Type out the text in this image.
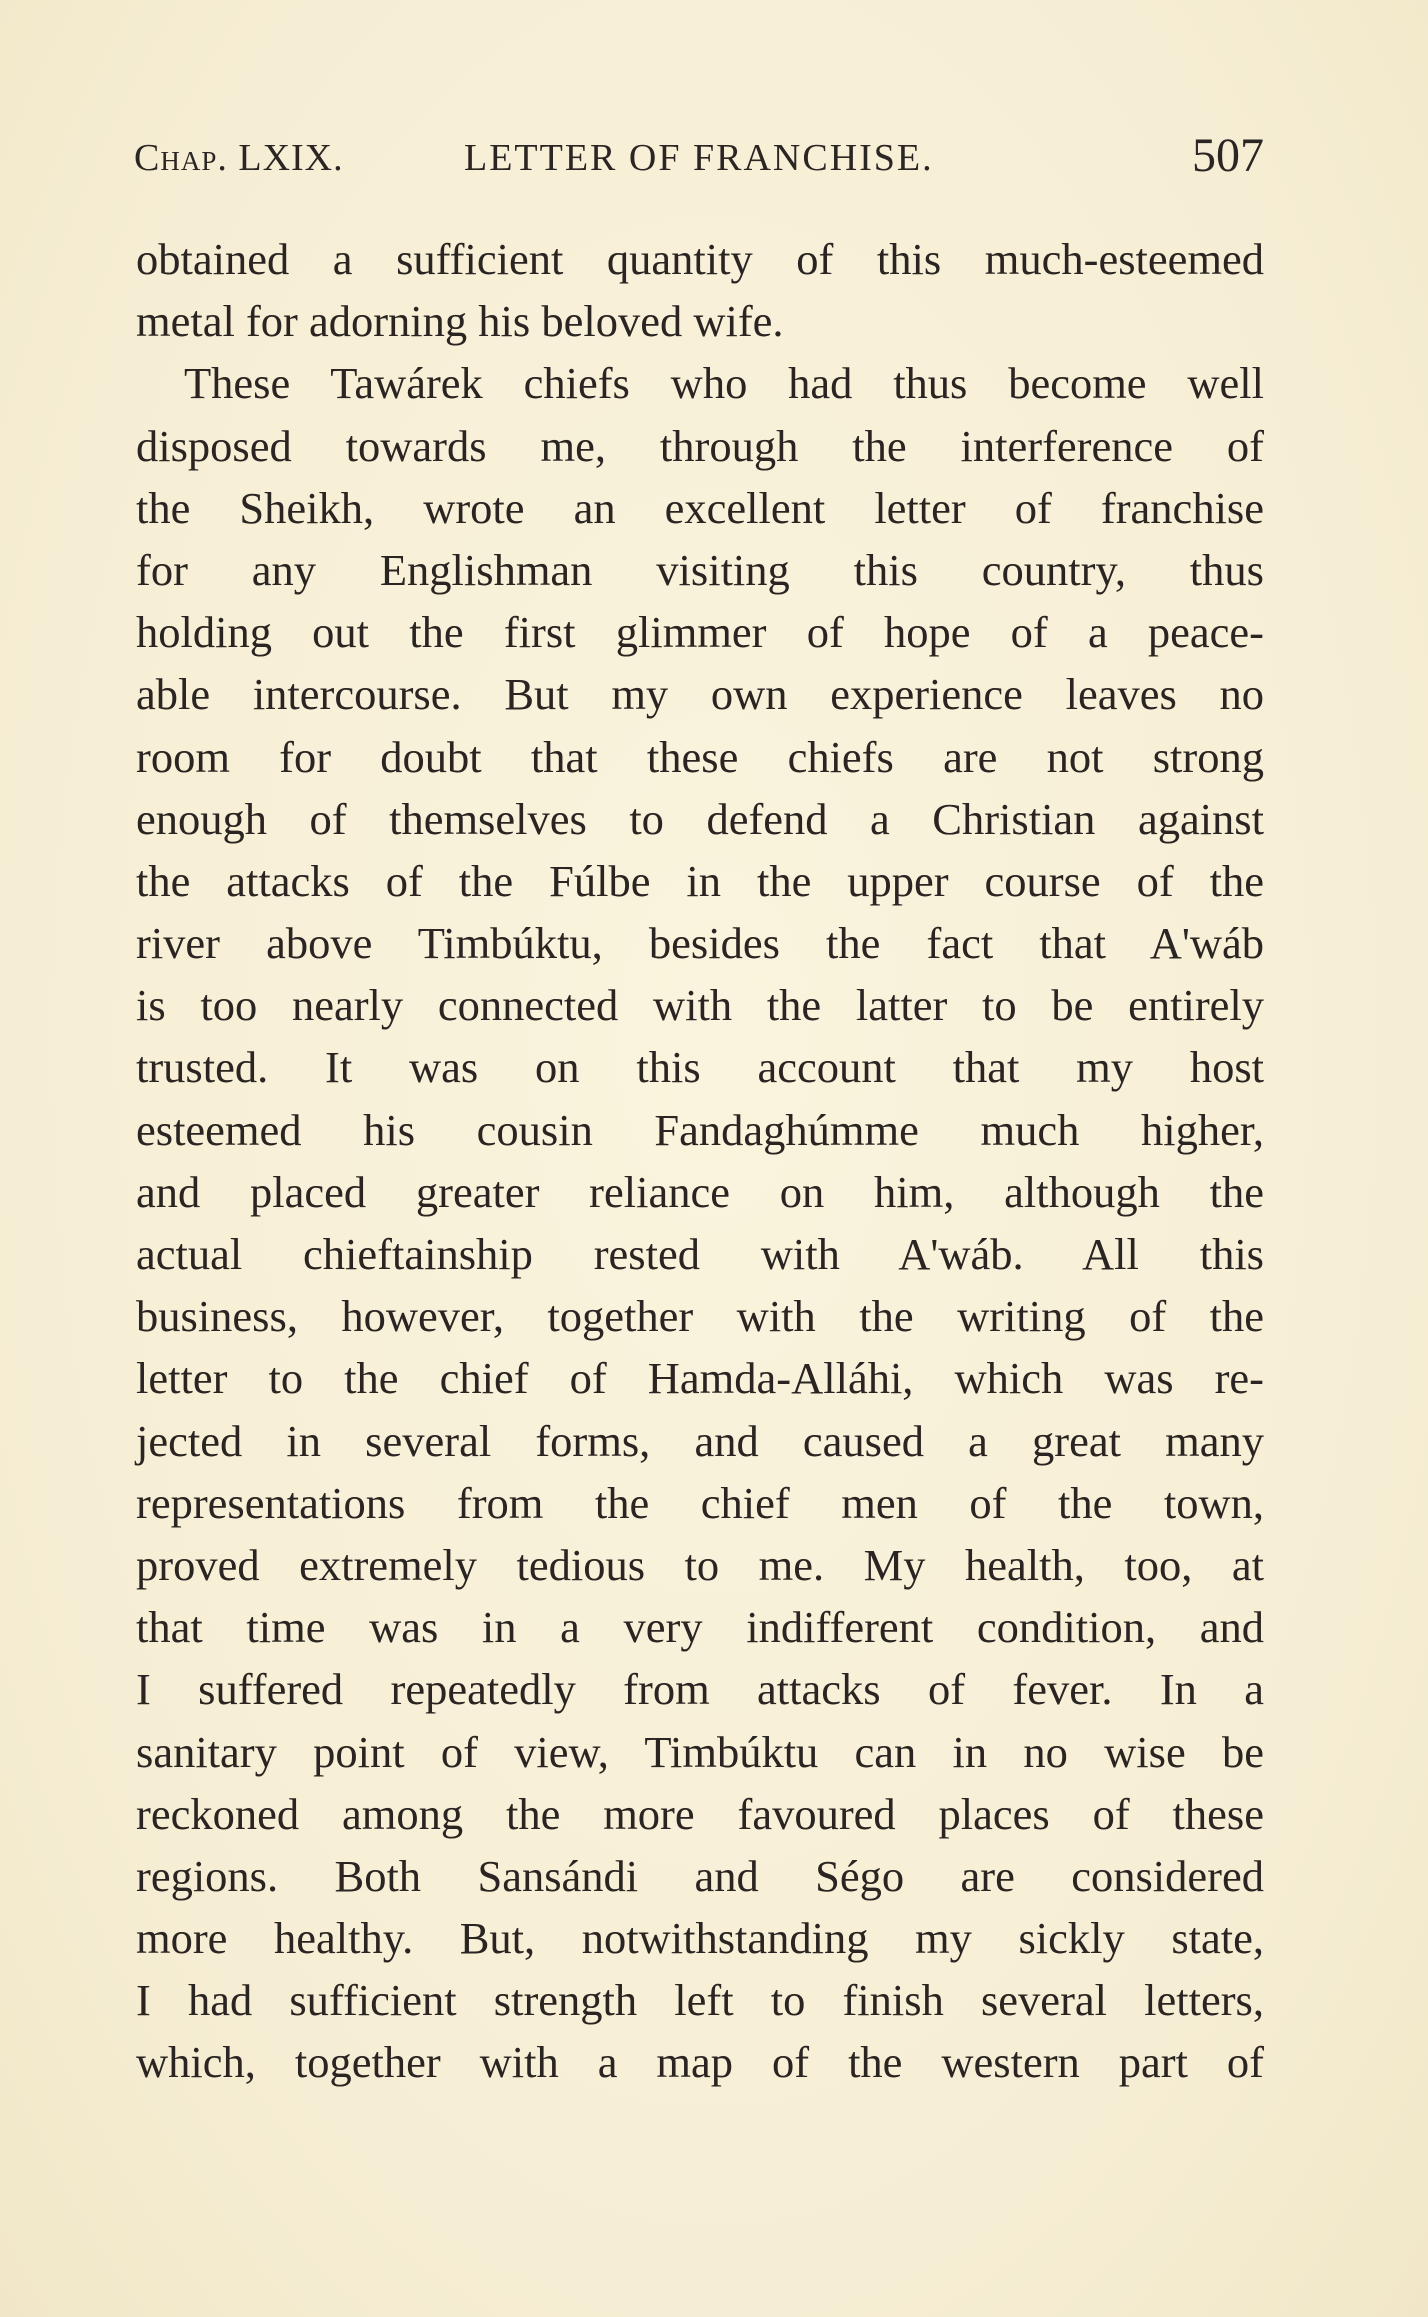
Chap. LXIX.	LETTER OF FRANCHISE.	507
obtained a sufficient quantity of this much-esteemed
metal for adorning his beloved wife.
These Tawárek chiefs who had thus become well
disposed towards me, through the interference of
the Sheikh, wrote an excellent letter of franchise
for any Englishman visiting this country, thus
holding out the first glimmer of hope of a peace-
able intercourse. But my own experience leaves no
room for doubt that these chiefs are not strong
enough of themselves to defend a Christian against
the attacks of the Fúlbe in the upper course of the
river above Timbúktu, besides the fact that A'wáb
is too nearly connected with the latter to be entirely
trusted. It was on this account that my host
esteemed his cousin Fandaghúmme much higher,
and placed greater reliance on him, although the
actual chieftainship rested with A'wáb. All this
business, however, together with the writing of the
letter to the chief of Hamda-Alláhi, which was re-
jected in several forms, and caused a great many
representations from the chief men of the town,
proved extremely tedious to me. My health, too, at
that time was in a very indifferent condition, and
I suffered repeatedly from attacks of fever. In a
sanitary point of view, Timbúktu can in no wise be
reckoned among the more favoured places of these
regions. Both Sansándi and Ségo are considered
more healthy. But, notwithstanding my sickly state,
I had sufficient strength left to finish several letters,
which, together with a map of the western part of
